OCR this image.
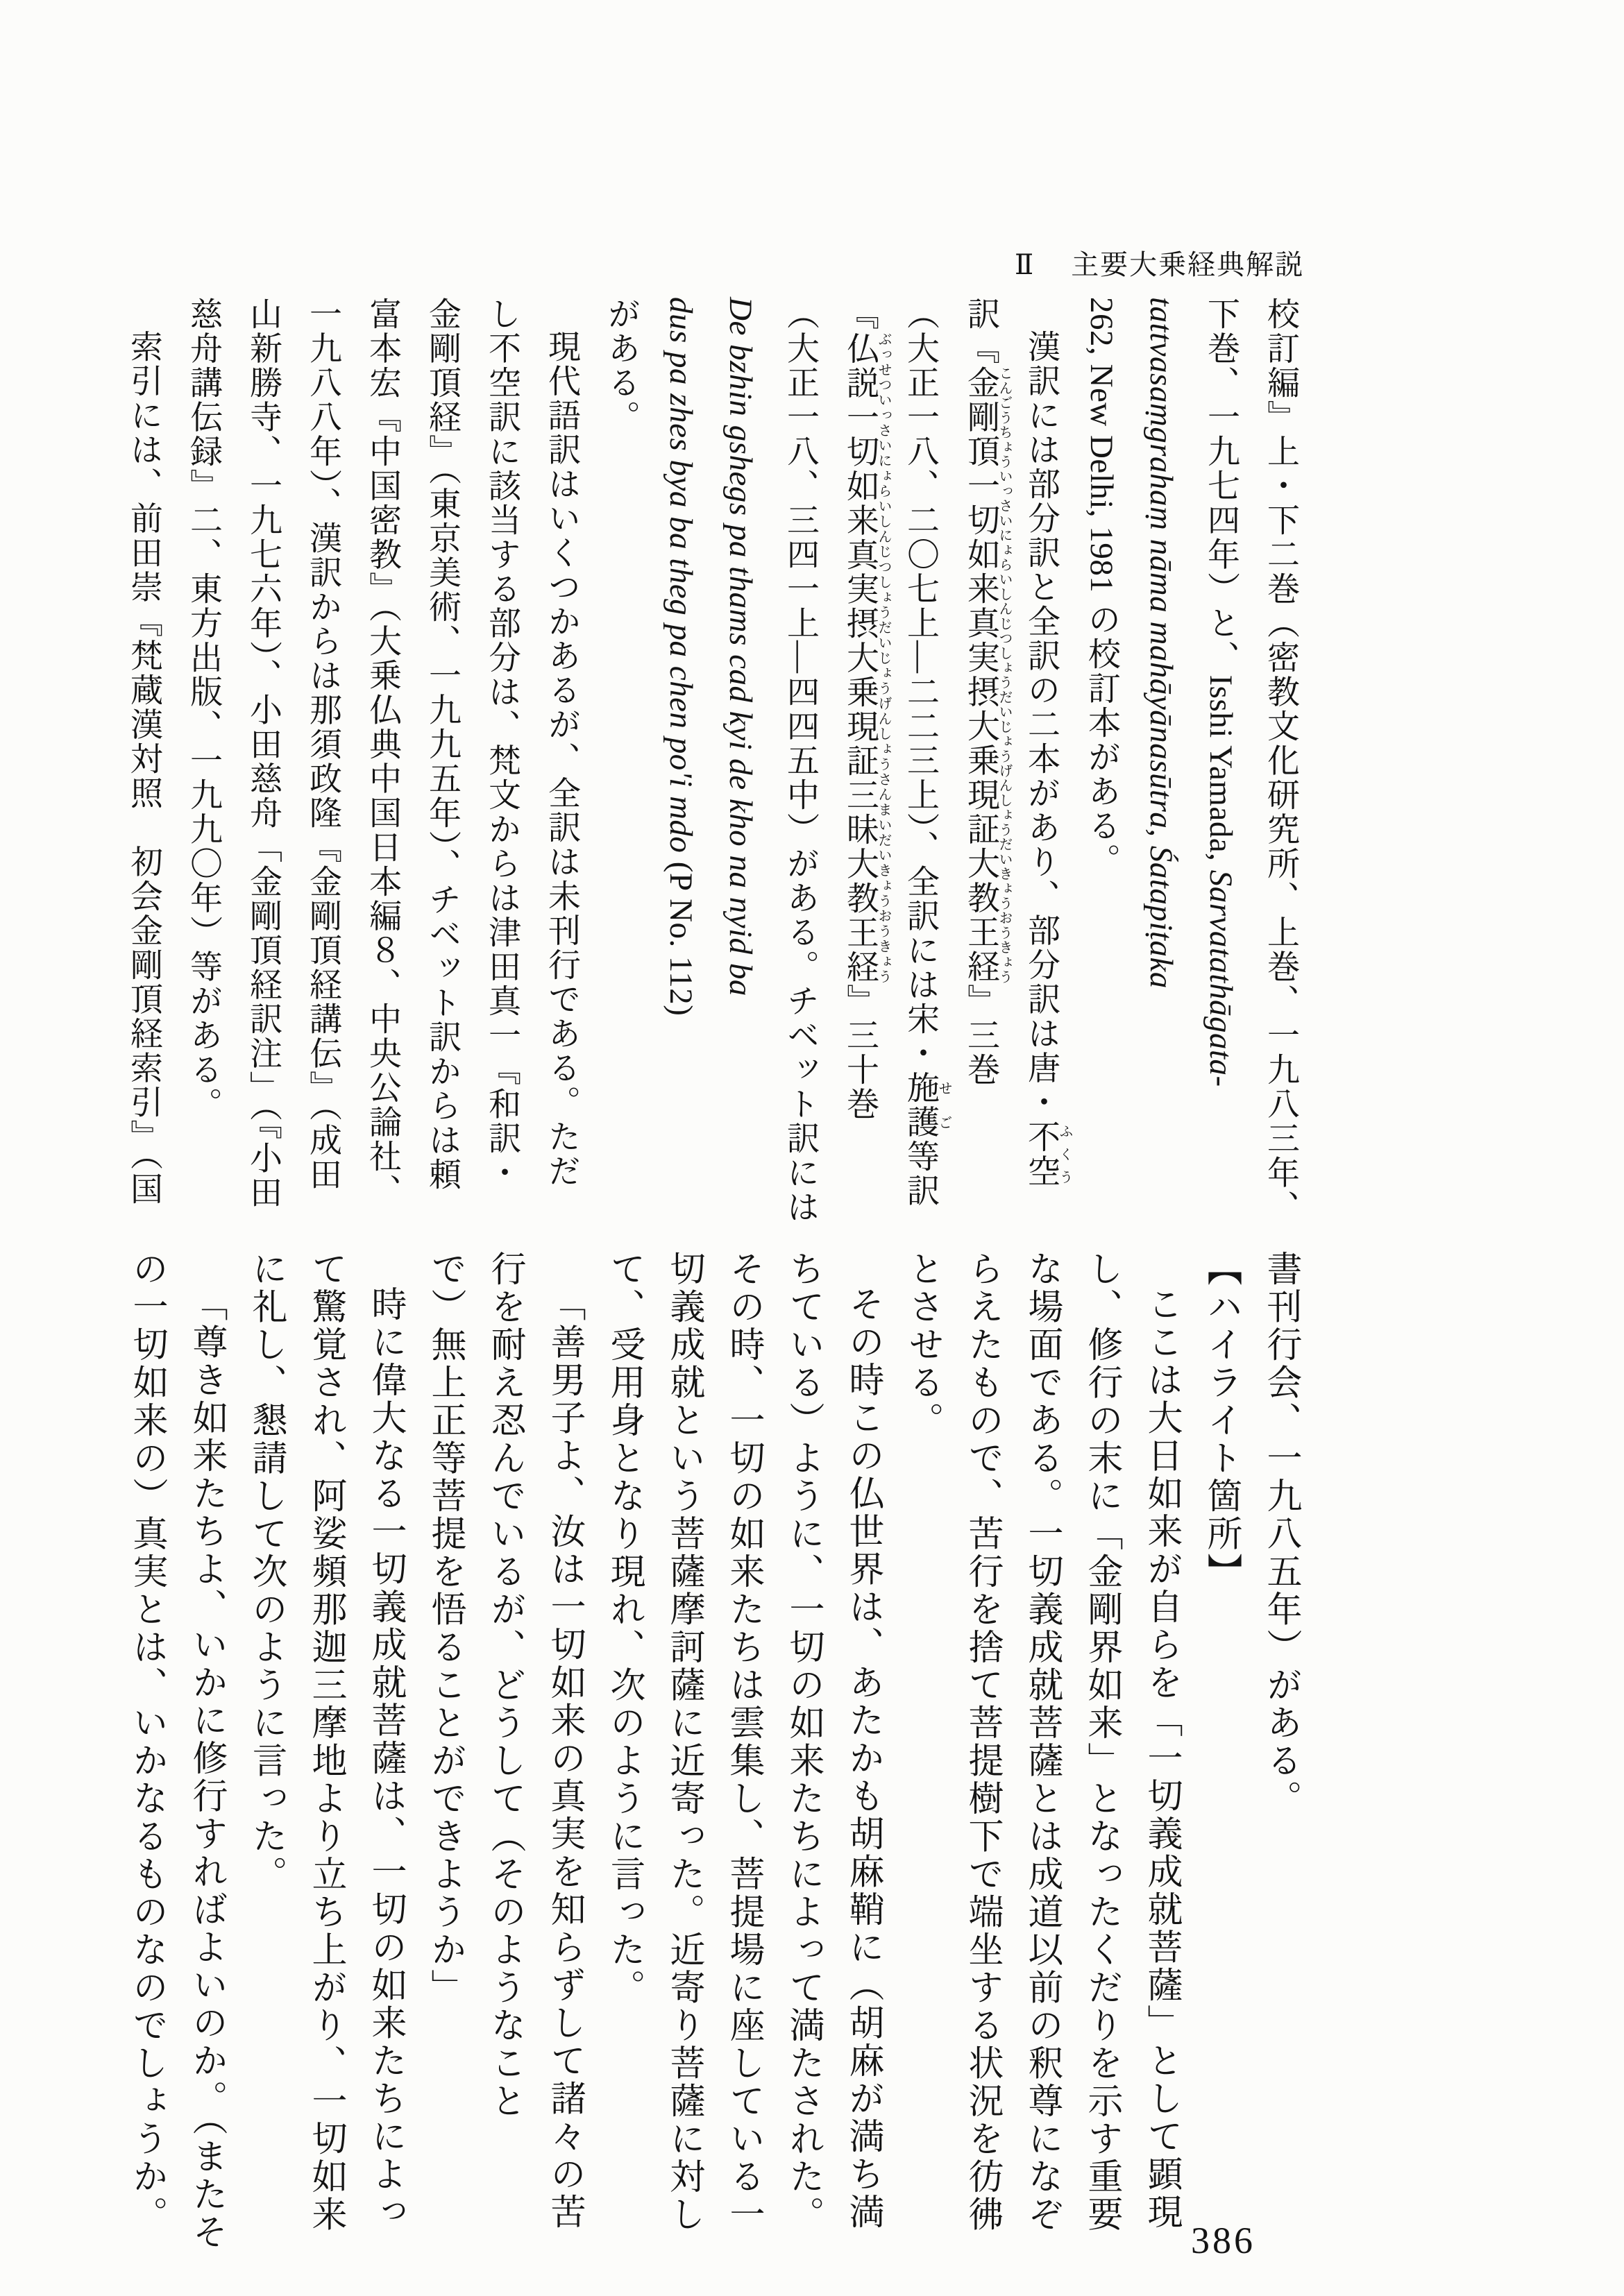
Ⅱ 主要大乗経典解説
校訂編』上・下二巻（密教文化研究所、上巻、一九八三年、
下巻、一九七四年）と、Isshi Yamada, Sarvatathāgata-
tattvasaṃgrahaṃ nāma mahāyānasūtra, Śatapiṭaka
262, New Delhi, 1981 の校訂本がある。
漢訳には部分訳と全訳の二本があり、部分訳は唐・不空ふくう
訳『金剛頂一切如来真実摂大乗現証大教王経こんごうちょういっさいにょらいしんじつしょうだいじょうげんしょうだいきょうおうきょう』三巻
（大正一八、二〇七上―二二三上）、全訳には宋・施護せご等訳
『仏説一切如来真実摂大乗現証三昧大教王経ぶっせついっさいにょらいしんじつしょうだいじょうげんしょうさんまいだいきょうおうきょう』三十巻
（大正一八、三四一上―四四五中）がある。チベット訳には
De bzhin gshegs pa thams cad kyi de kho na nyid ba
dus pa zhes bya ba theg pa chen po'i mdo (P No. 112)
がある。
現代語訳はいくつかあるが、全訳は未刊行である。ただ
し不空訳に該当する部分は、梵文からは津田真一『和訳・
金剛頂経』（東京美術、一九九五年）、チベット訳からは頼
富本宏『中国密教』（大乗仏典中国日本編８、中央公論社、
一九八八年）、漢訳からは那須政隆『金剛頂経講伝』（成田
山新勝寺、一九七六年）、小田慈舟「金剛頂経訳注」（『小田
慈舟講伝録』二、東方出版、一九九〇年）等がある。
索引には、前田崇『梵蔵漢対照　初会金剛頂経索引』（国
書刊行会、一九八五年）がある。
【ハイライト箇所】
ここは大日如来が自らを「一切義成就菩薩」として顕現
し、修行の末に「金剛界如来」となったくだりを示す重要
な場面である。一切義成就菩薩とは成道以前の釈尊になぞ
らえたもので、苦行を捨て菩提樹下で端坐する状況を彷彿
とさせる。
その時この仏世界は、あたかも胡麻鞘に（胡麻が満ち満
ちている）ように、一切の如来たちによって満たされた。
その時、一切の如来たちは雲集し、菩提場に座している一
切義成就という菩薩摩訶薩に近寄った。近寄り菩薩に対し
て、受用身となり現れ、次のように言った。
「善男子よ、汝は一切如来の真実を知らずして諸々の苦
行を耐え忍んでいるが、どうして（そのようなこと
で）無上正等菩提を悟ることができようか」
時に偉大なる一切義成就菩薩は、一切の如来たちによっ
て驚覚され、阿娑頻那迦三摩地より立ち上がり、一切如来
に礼し、懇請して次のように言った。
「尊き如来たちよ、いかに修行すればよいのか。（またそ
の一切如来の）真実とは、いかなるものなのでしょうか。
386
